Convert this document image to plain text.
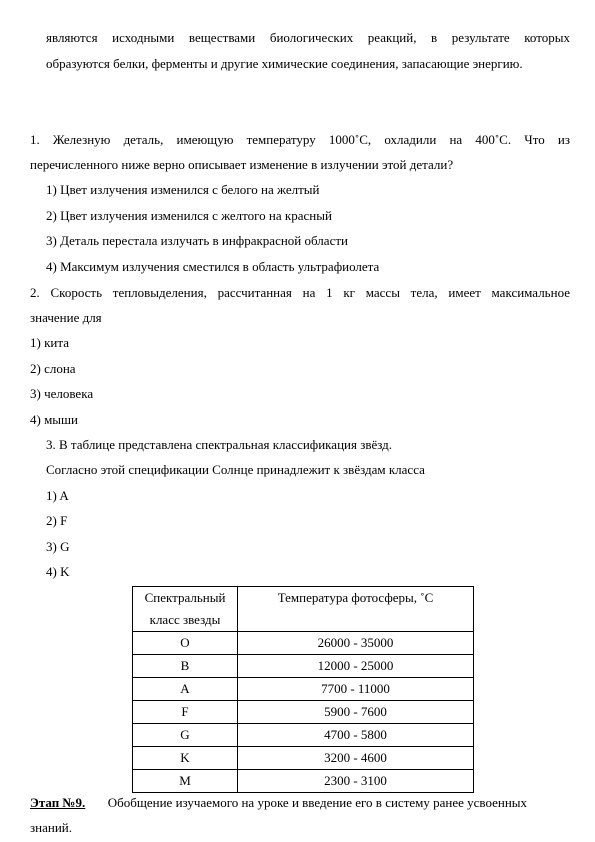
являются исходными веществами биологических реакций, в результате которых
образуются белки, ферменты и другие химические соединения, запасающие энергию.
1. Железную деталь, имеющую температуру 1000˚С, охладили на 400˚С. Что из
перечисленного ниже верно описывает изменение в излучении этой детали?
1) Цвет излучения изменился с белого на желтый
2) Цвет излучения изменился с желтого на красный
3) Деталь перестала излучать в инфракрасной области
4) Максимум излучения сместился в область ультрафиолета
2. Скорость тепловыделения, рассчитанная на 1 кг массы тела, имеет максимальное
значение для
1) кита
2) слона
3) человека
4) мыши
3. В таблице представлена спектральная классификация звёзд.
Согласно этой спецификации Солнце принадлежит к звёздам класса
1) A
2) F
3) G
4) K
Спектральный
класс звезды	Температура фотосферы, ˚С
O	26000 - 35000
B	12000 - 25000
A	7700 - 11000
F	5900 - 7600
G	4700 - 5800
K	3200 - 4600
M	2300 - 3100
Этап №9. Обобщение изучаемого на уроке и введение его в систему ранее усвоенных
знаний.
